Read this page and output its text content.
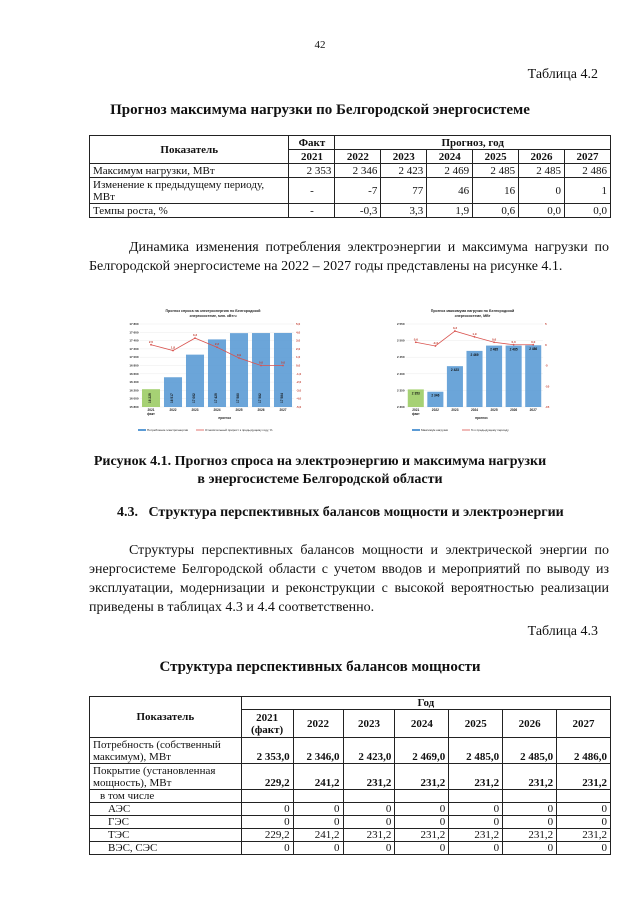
42
Таблица 4.2
Прогноз максимума нагрузки по Белгородской энергосистеме
Показатель	Факт	Прогноз, год					
	2021	2022	2023	2024	2025	2026	2027
Максимум нагрузки, МВт	2 353	2 346	2 423	2 469	2 485	2 485	2 486
Изменение к предыдущему периоду, МВт	-	-7	77	46	16	0	1
Темпы роста, %	-	-0,3	3,3	1,9	0,6	0,0	0,0
Динамика изменения потребления электроэнергии и максимума нагрузки по Белгородской энергосистеме на 2022 – 2027 годы представлены на рисунке 4.1.
Прогноз спроса на электроэнергию по Белгородской
энергосистеме, млн. кВт•ч
17 800
17 600
17 400
17 200
17 000
16 800
16 600
16 400
16 200
16 000
15 800
5,0
4,0
3,0
2,0
1,0
0,0
-1,0
-2,0
-3,0
-4,0
-5,0
16 229
2021
факт
16 517
2022
17 062
2023
17 429
2024
17 580
2025
17 582
2026
17 584
2027
2,5
1,8
3,3
2,2
0,9
0,0	0,0
прогноз
Потребление электроэнергии	Относительный прирост к предыдущему году, %
Прогноз максимума нагрузки по Белгородской
энергосистеме, МВт
2 550
2 500
2 450
2 400
2 350
2 300
5
0
-5
-10
-15
2 353
2021
факт
2 346
2022
2 423
2023
2 469
2024
2 485
2025
2 485
2026
2 486
2027
0,6
-0,3
3,3
1,9
0,6
0,0	0,0
прогноз
Максимум нагрузки	% к предыдущему периоду
Рисунок 4.1. Прогноз спроса на электроэнергию и максимума нагрузки
в энергосистеме Белгородской области
4.3. Структура перспективных балансов мощности и электроэнергии
Структуры перспективных балансов мощности и электрической энергии по энергосистеме Белгородской области с учетом вводов и мероприятий по выводу из эксплуатации, модернизации и реконструкции с высокой вероятностью реализации приведены в таблицах 4.3 и 4.4 соответственно.
Таблица 4.3
Структура перспективных балансов мощности
Показатель	Год						
	2021 (факт)	2022	2023	2024	2025	2026	2027
Потребность (собственный максимум), МВт	2 353,0	2 346,0	2 423,0	2 469,0	2 485,0	2 485,0	2 486,0
Покрытие (установленная мощность), МВт	229,2	241,2	231,2	231,2	231,2	231,2	231,2
в том числе							
АЭС	0	0	0	0	0	0	0
ГЭС	0	0	0	0	0	0	0
ТЭС	229,2	241,2	231,2	231,2	231,2	231,2	231,2
ВЭС, СЭС	0	0	0	0	0	0	0
